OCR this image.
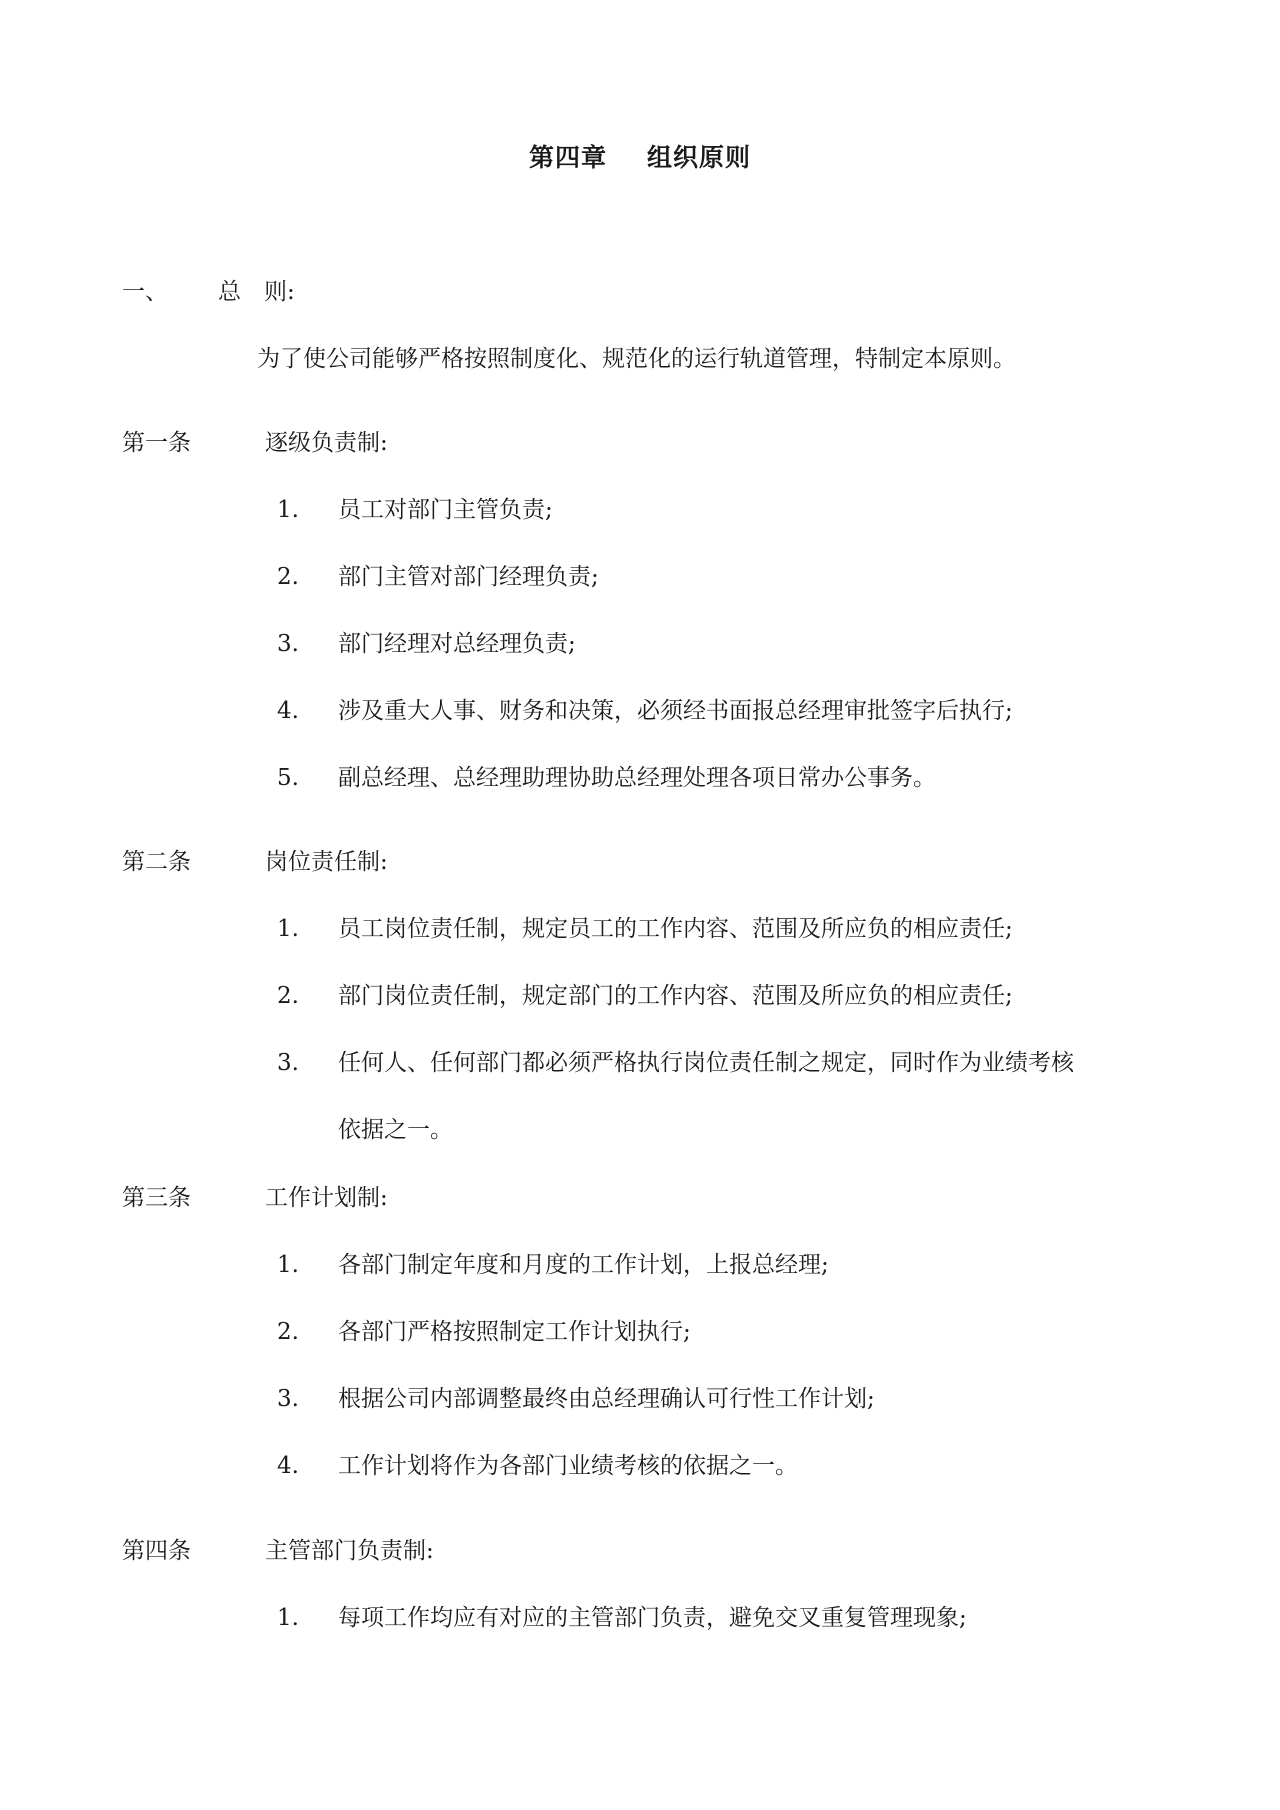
第四章 组织原则
一、 总　则:
为了使公司能够严格按照制度化、规范化的运行轨道管理，特制定本原则。
第一条	逐级负责制:
1. 员工对部门主管负责;
2. 部门主管对部门经理负责;
3. 部门经理对总经理负责;
4. 涉及重大人事、财务和决策，必须经书面报总经理审批签字后执行;
5. 副总经理、总经理助理协助总经理处理各项日常办公事务。
第二条	岗位责任制:
1. 员工岗位责任制，规定员工的工作内容、范围及所应负的相应责任;
2. 部门岗位责任制，规定部门的工作内容、范围及所应负的相应责任;
3. 任何人、任何部门都必须严格执行岗位责任制之规定，同时作为业绩考核
依据之一。
第三条	工作计划制:
1. 各部门制定年度和月度的工作计划，上报总经理;
2. 各部门严格按照制定工作计划执行;
3. 根据公司内部调整最终由总经理确认可行性工作计划;
4. 工作计划将作为各部门业绩考核的依据之一。
第四条	主管部门负责制:
1. 每项工作均应有对应的主管部门负责，避免交叉重复管理现象;
